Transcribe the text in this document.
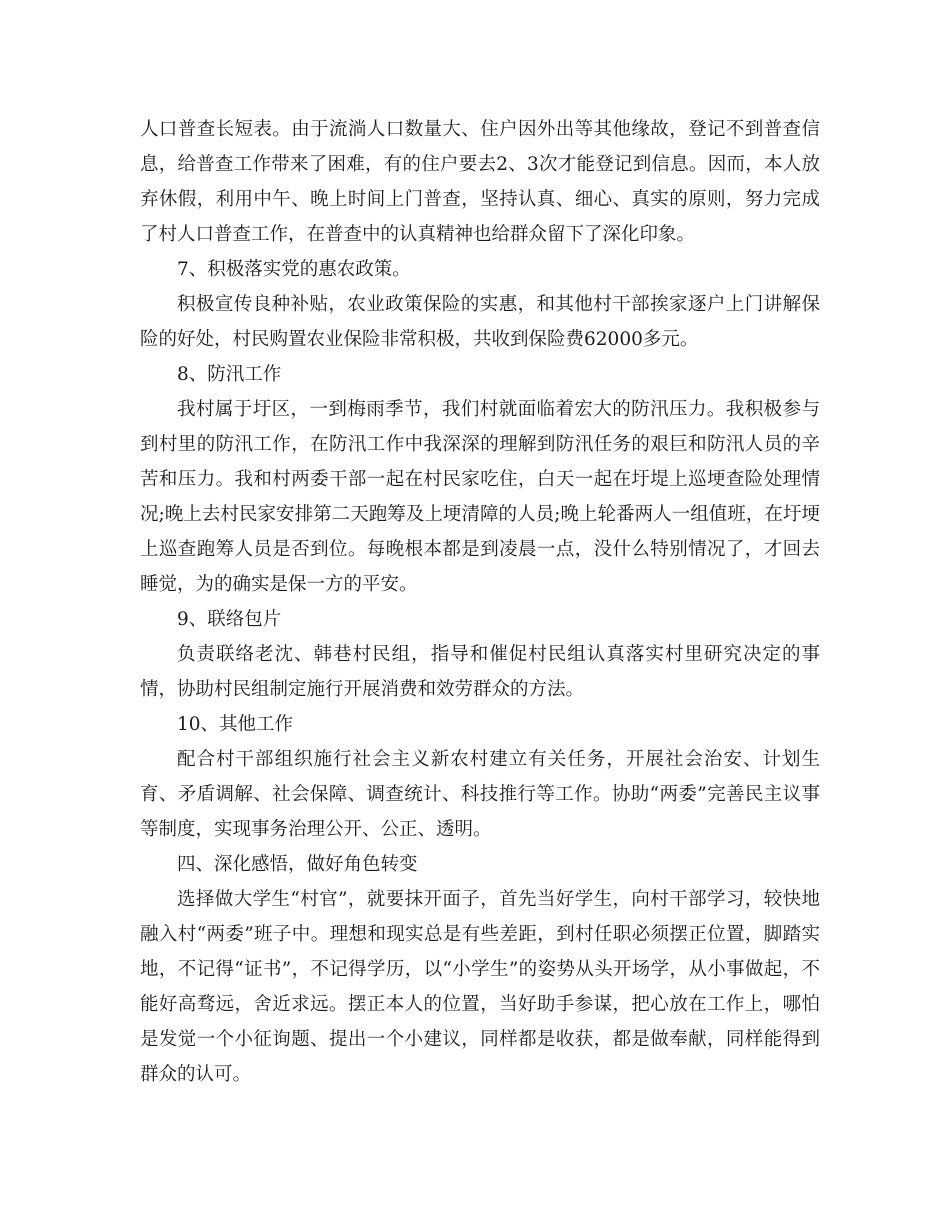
人口普查长短表。由于流淌人口数量大、住户因外出等其他缘故，登记不到普查信息，给普查工作带来了困难，有的住户要去2、3次才能登记到信息。因而，本人放弃休假，利用中午、晚上时间上门普查，坚持认真、细心、真实的原则，努力完成了村人口普查工作，在普查中的认真精神也给群众留下了深化印象。

7、积极落实党的惠农政策。

积极宣传良种补贴，农业政策保险的实惠，和其他村干部挨家逐户上门讲解保险的好处，村民购置农业保险非常积极，共收到保险费62000多元。

8、防汛工作

我村属于圩区，一到梅雨季节，我们村就面临着宏大的防汛压力。我积极参与到村里的防汛工作，在防汛工作中我深深的理解到防汛任务的艰巨和防汛人员的辛苦和压力。我和村两委干部一起在村民家吃住，白天一起在圩堤上巡埂查险处理情况;晚上去村民家安排第二天跑筹及上埂清障的人员;晚上轮番两人一组值班，在圩埂上巡查跑筹人员是否到位。每晚根本都是到凌晨一点，没什么特别情况了，才回去睡觉，为的确实是保一方的平安。

9、联络包片

负责联络老沈、韩巷村民组，指导和催促村民组认真落实村里研究决定的事情，协助村民组制定施行开展消费和效劳群众的方法。

10、其他工作

配合村干部组织施行社会主义新农村建立有关任务，开展社会治安、计划生育、矛盾调解、社会保障、调查统计、科技推行等工作。协助“两委”完善民主议事等制度，实现事务治理公开、公正、透明。

四、深化感悟，做好角色转变

选择做大学生“村官”，就要抹开面子，首先当好学生，向村干部学习，较快地融入村“两委”班子中。理想和现实总是有些差距，到村任职必须摆正位置，脚踏实地，不记得“证书”，不记得学历，以“小学生”的姿势从头开场学，从小事做起，不能好高骛远，舍近求远。摆正本人的位置，当好助手参谋，把心放在工作上，哪怕是发觉一个小征询题、提出一个小建议，同样都是收获，都是做奉献，同样能得到群众的认可。
